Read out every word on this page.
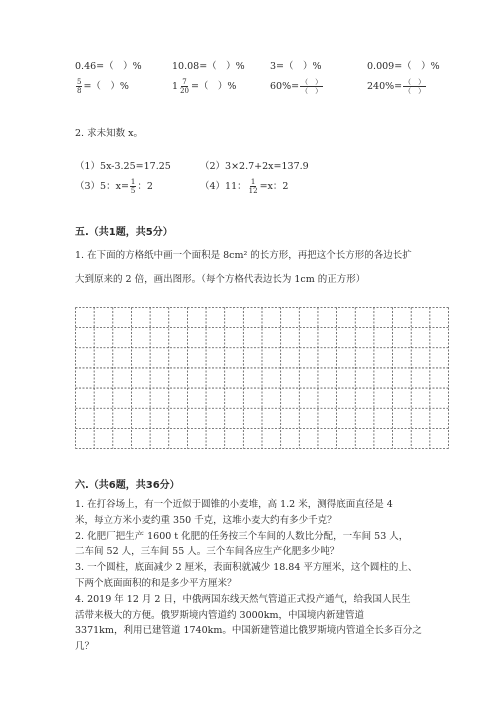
0.46=（　）%	10.08=（　）%	3=（　）%	0.009=（　）%
$\frac{5}{8}$ =（　）%	$1 \frac{7}{20}$ =（　）%	$60\%= \frac{( )}{( )}$	$240\%= \frac{( )}{( )}$
2. 求未知数 x。
（1）5x-3.25=17.25	（2）3×2.7+2x=137.9
（3）5：$x= \frac{1}{5}$ ：2	（4）11： $\frac{1}{12} =x$：2
五.（共1题，共5分）
1. 在下面的方格纸中画一个面积是 8cm² 的长方形，再把这个长方形的各边长扩
大到原来的 2 倍，画出图形。（每个方格代表边长为 1cm 的正方形）
六.（共6题，共36分）
1. 在打谷场上，有一个近似于圆锥的小麦堆，高 1.2 米，测得底面直径是 4
米，每立方米小麦约重 350 千克，这堆小麦大约有多少千克？
2. 化肥厂把生产 1600 t 化肥的任务按三个车间的人数比分配，一车间 53 人，
二车间 52 人，三车间 55 人。三个车间各应生产化肥多少吨？
3. 一个圆柱，底面减少 2 厘米，表面积就减少 18.84 平方厘米，这个圆柱的上、
下两个底面面积的和是多少平方厘米？
4. 2019 年 12 月 2 日，中俄两国东线天然气管道正式投产通气，给我国人民生
活带来极大的方便。俄罗斯境内管道约 3000km，中国境内新建管道
3371km，利用已建管道 1740km。中国新建管道比俄罗斯境内管道全长多百分之
几？
